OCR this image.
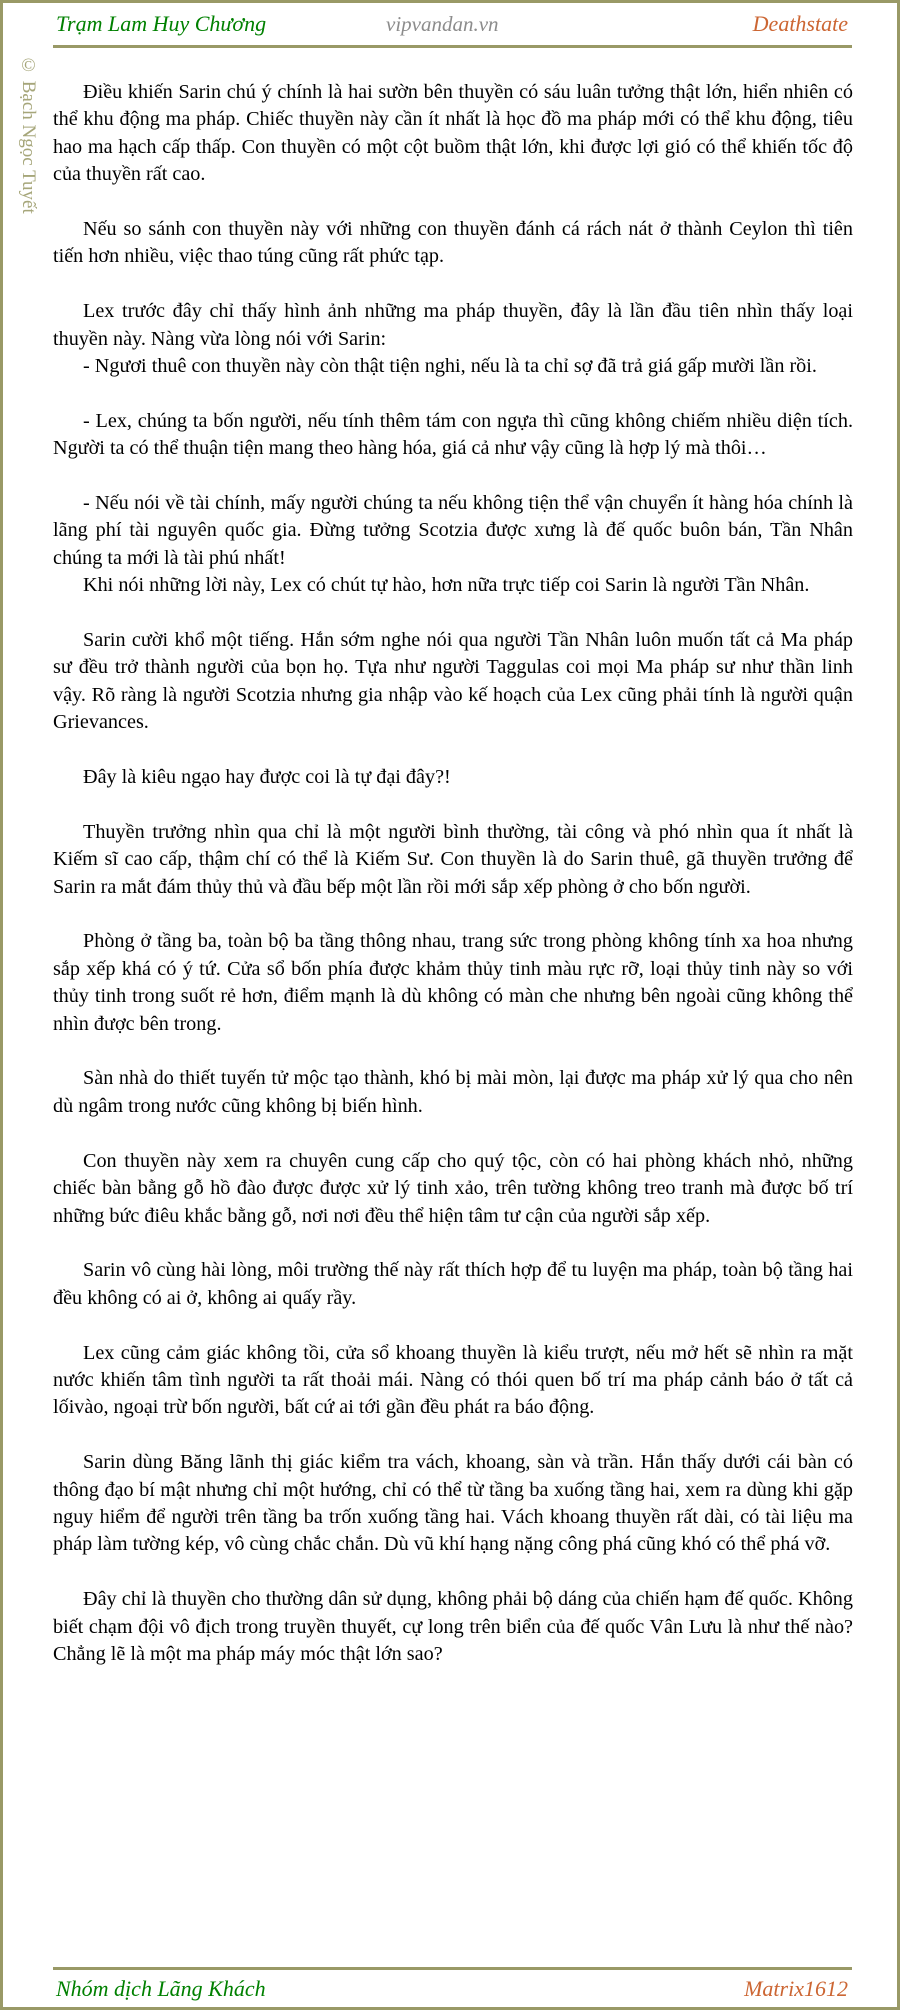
Trạm Lam Huy Chương	vipvandan.vn	Deathstate
© Bạch Ngọc Tuyết	Điều khiến Sarin chú ý chính là hai sườn bên thuyền có sáu luân tưởng thật lớn, hiển nhiên có thể khu động ma pháp. Chiếc thuyền này cần ít nhất là học đồ ma pháp mới có thể khu động, tiêu hao ma hạch cấp thấp. Con thuyền có một cột buồm thật lớn, khi được lợi gió có thể khiến tốc độ của thuyền rất cao.

Nếu so sánh con thuyền này với những con thuyền đánh cá rách nát ở thành Ceylon thì tiên tiến hơn nhiều, việc thao túng cũng rất phức tạp.

Lex trước đây chỉ thấy hình ảnh những ma pháp thuyền, đây là lần đầu tiên nhìn thấy loại thuyền này. Nàng vừa lòng nói với Sarin:

- Ngươi thuê con thuyền này còn thật tiện nghi, nếu là ta chỉ sợ đã trả giá gấp mười lần rồi.

- Lex, chúng ta bốn người, nếu tính thêm tám con ngựa thì cũng không chiếm nhiều diện tích. Người ta có thể thuận tiện mang theo hàng hóa, giá cả như vậy cũng là hợp lý mà thôi…

- Nếu nói về tài chính, mấy người chúng ta nếu không tiện thể vận chuyển ít hàng hóa chính là lãng phí tài nguyên quốc gia. Đừng tưởng Scotzia được xưng là đế quốc buôn bán, Tần Nhân chúng ta mới là tài phú nhất!

Khi nói những lời này, Lex có chút tự hào, hơn nữa trực tiếp coi Sarin là người Tần Nhân.

Sarin cười khổ một tiếng. Hắn sớm nghe nói qua người Tần Nhân luôn muốn tất cả Ma pháp sư đều trở thành người của bọn họ. Tựa như người Taggulas coi mọi Ma pháp sư như thần linh vậy. Rõ ràng là người Scotzia nhưng gia nhập vào kế hoạch của Lex cũng phải tính là người quận Grievances.

Đây là kiêu ngạo hay được coi là tự đại đây?!

Thuyền trưởng nhìn qua chỉ là một người bình thường, tài công và phó nhìn qua ít nhất là Kiếm sĩ cao cấp, thậm chí có thể là Kiếm Sư. Con thuyền là do Sarin thuê, gã thuyền trưởng để Sarin ra mắt đám thủy thủ và đầu bếp một lần rồi mới sắp xếp phòng ở cho bốn người.

Phòng ở tầng ba, toàn bộ ba tầng thông nhau, trang sức trong phòng không tính xa hoa nhưng sắp xếp khá có ý tứ. Cửa sổ bốn phía được khảm thủy tinh màu rực rỡ, loại thủy tinh này so với thủy tinh trong suốt rẻ hơn, điểm mạnh là dù không có màn che nhưng bên ngoài cũng không thể nhìn được bên trong.

Sàn nhà do thiết tuyến tử mộc tạo thành, khó bị mài mòn, lại được ma pháp xử lý qua cho nên dù ngâm trong nước cũng không bị biến hình.

Con thuyền này xem ra chuyên cung cấp cho quý tộc, còn có hai phòng khách nhỏ, những chiếc bàn bằng gỗ hồ đào được được xử lý tinh xảo, trên tường không treo tranh mà được bố trí những bức điêu khắc bằng gỗ, nơi nơi đều thể hiện tâm tư cận của người sắp xếp.

Sarin vô cùng hài lòng, môi trường thế này rất thích hợp để tu luyện ma pháp, toàn bộ tầng hai đều không có ai ở, không ai quấy rầy.

Lex cũng cảm giác không tồi, cửa sổ khoang thuyền là kiểu trượt, nếu mở hết sẽ nhìn ra mặt nước khiến tâm tình người ta rất thoải mái. Nàng có thói quen bố trí ma pháp cảnh báo ở tất cả lốivào, ngoại trừ bốn người, bất cứ ai tới gần đều phát ra báo động.

Sarin dùng Băng lãnh thị giác kiểm tra vách, khoang, sàn và trần. Hắn thấy dưới cái bàn có thông đạo bí mật nhưng chỉ một hướng, chỉ có thể từ tầng ba xuống tầng hai, xem ra dùng khi gặp nguy hiểm để người trên tầng ba trốn xuống tầng hai. Vách khoang thuyền rất dài, có tài liệu ma pháp làm tường kép, vô cùng chắc chắn. Dù vũ khí hạng nặng công phá cũng khó có thể phá vỡ.

Đây chỉ là thuyền cho thường dân sử dụng, không phải bộ dáng của chiến hạm đế quốc. Không biết chạm đội vô địch trong truyền thuyết, cự long trên biển của đế quốc Vân Lưu là như thế nào? Chẳng lẽ là một ma pháp máy móc thật lớn sao?

Nhóm dịch Lãng Khách	Matrix1612
